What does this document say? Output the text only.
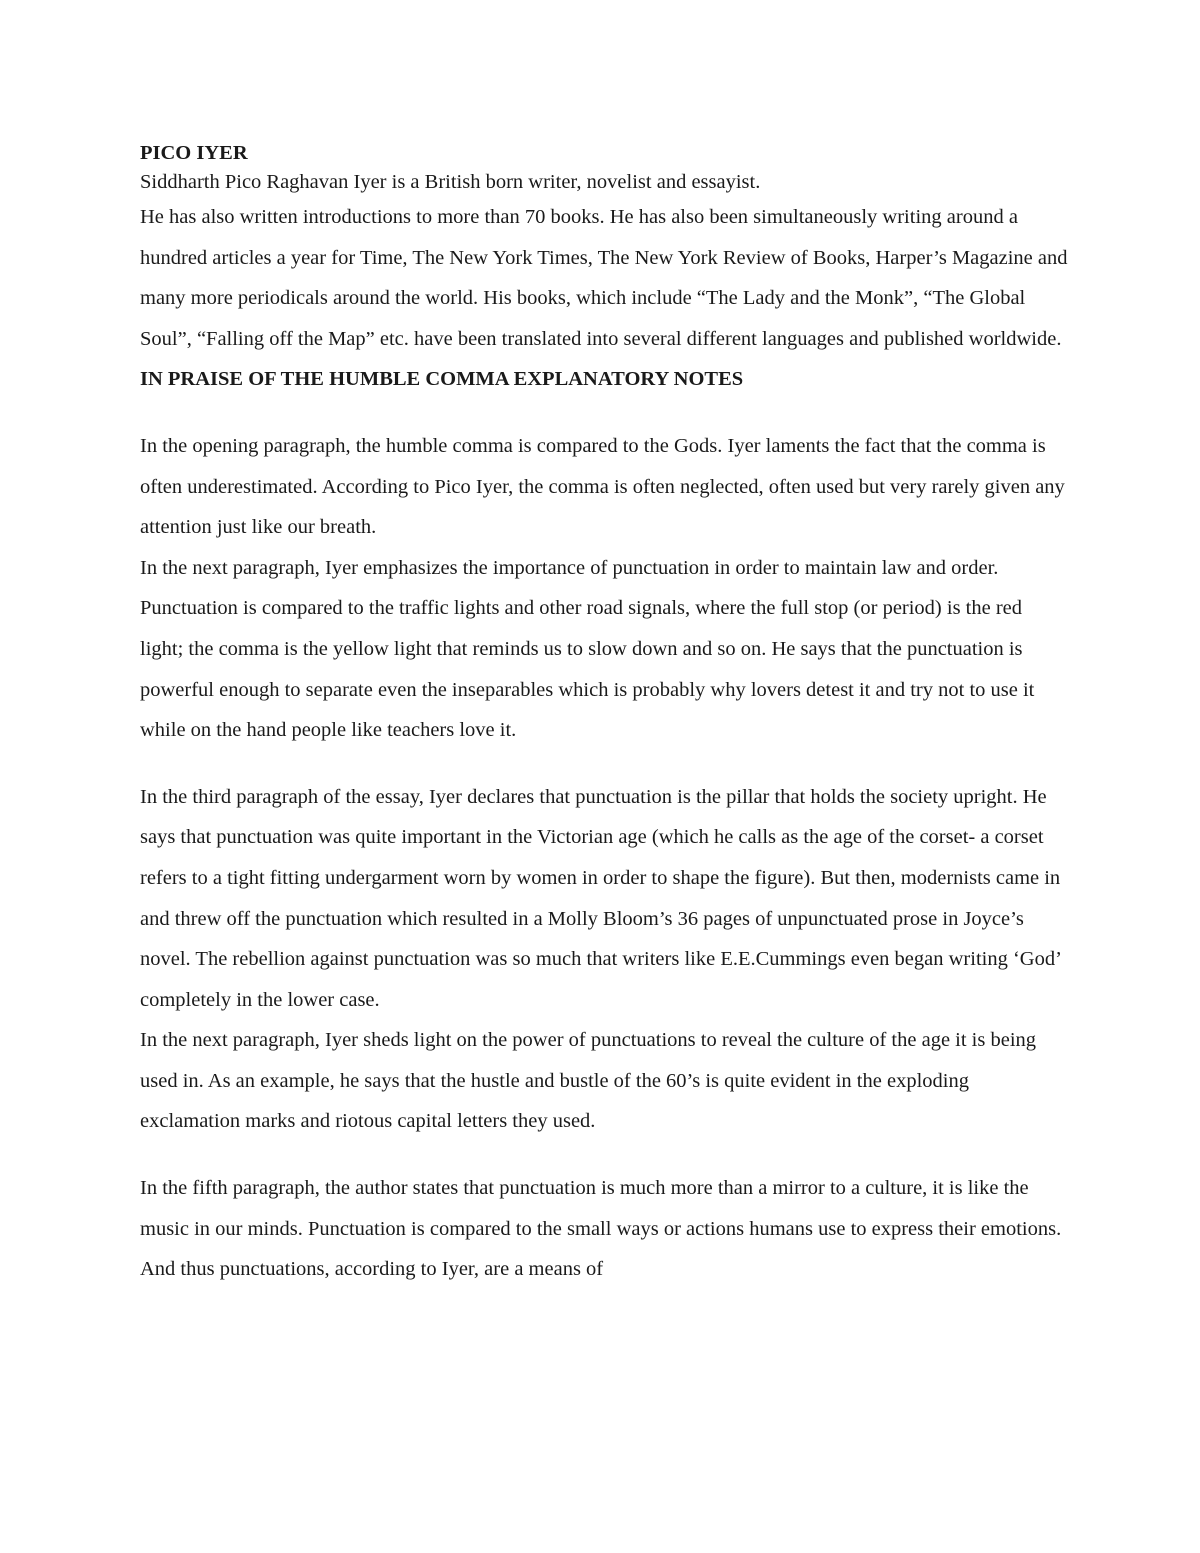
PICO IYER

Siddharth Pico Raghavan Iyer is a British born writer, novelist and essayist.

He has also written introductions to more than 70 books. He has also been simultaneously writing around a hundred articles a year for Time, The New York Times, The New York Review of Books, Harper’s Magazine and many more periodicals around the world. His books, which include “The Lady and the Monk”, “The Global Soul”, “Falling off the Map” etc. have been translated into several different languages and published worldwide.

IN PRAISE OF THE HUMBLE COMMA EXPLANATORY NOTES

In the opening paragraph, the humble comma is compared to the Gods. Iyer laments the fact that the comma is often underestimated. According to Pico Iyer, the comma is often neglected, often used but very rarely given any attention just like our breath.

In the next paragraph, Iyer emphasizes the importance of punctuation in order to maintain law and order. Punctuation is compared to the traffic lights and other road signals, where the full stop (or period) is the red light; the comma is the yellow light that reminds us to slow down and so on. He says that the punctuation is powerful enough to separate even the inseparables which is probably why lovers detest it and try not to use it while on the hand people like teachers love it.

In the third paragraph of the essay, Iyer declares that punctuation is the pillar that holds the society upright. He says that punctuation was quite important in the Victorian age (which he calls as the age of the corset- a corset refers to a tight fitting undergarment worn by women in order to shape the figure). But then, modernists came in and threw off the punctuation which resulted in a Molly Bloom’s 36 pages of unpunctuated prose in Joyce’s novel. The rebellion against punctuation was so much that writers like E.E.Cummings even began writing ‘God’ completely in the lower case.

In the next paragraph, Iyer sheds light on the power of punctuations to reveal the culture of the age it is being used in. As an example, he says that the hustle and bustle of the 60’s is quite evident in the exploding exclamation marks and riotous capital letters they used.

In the fifth paragraph, the author states that punctuation is much more than a mirror to a culture, it is like the music in our minds. Punctuation is compared to the small ways or actions humans use to express their emotions. And thus punctuations, according to Iyer, are a means of
